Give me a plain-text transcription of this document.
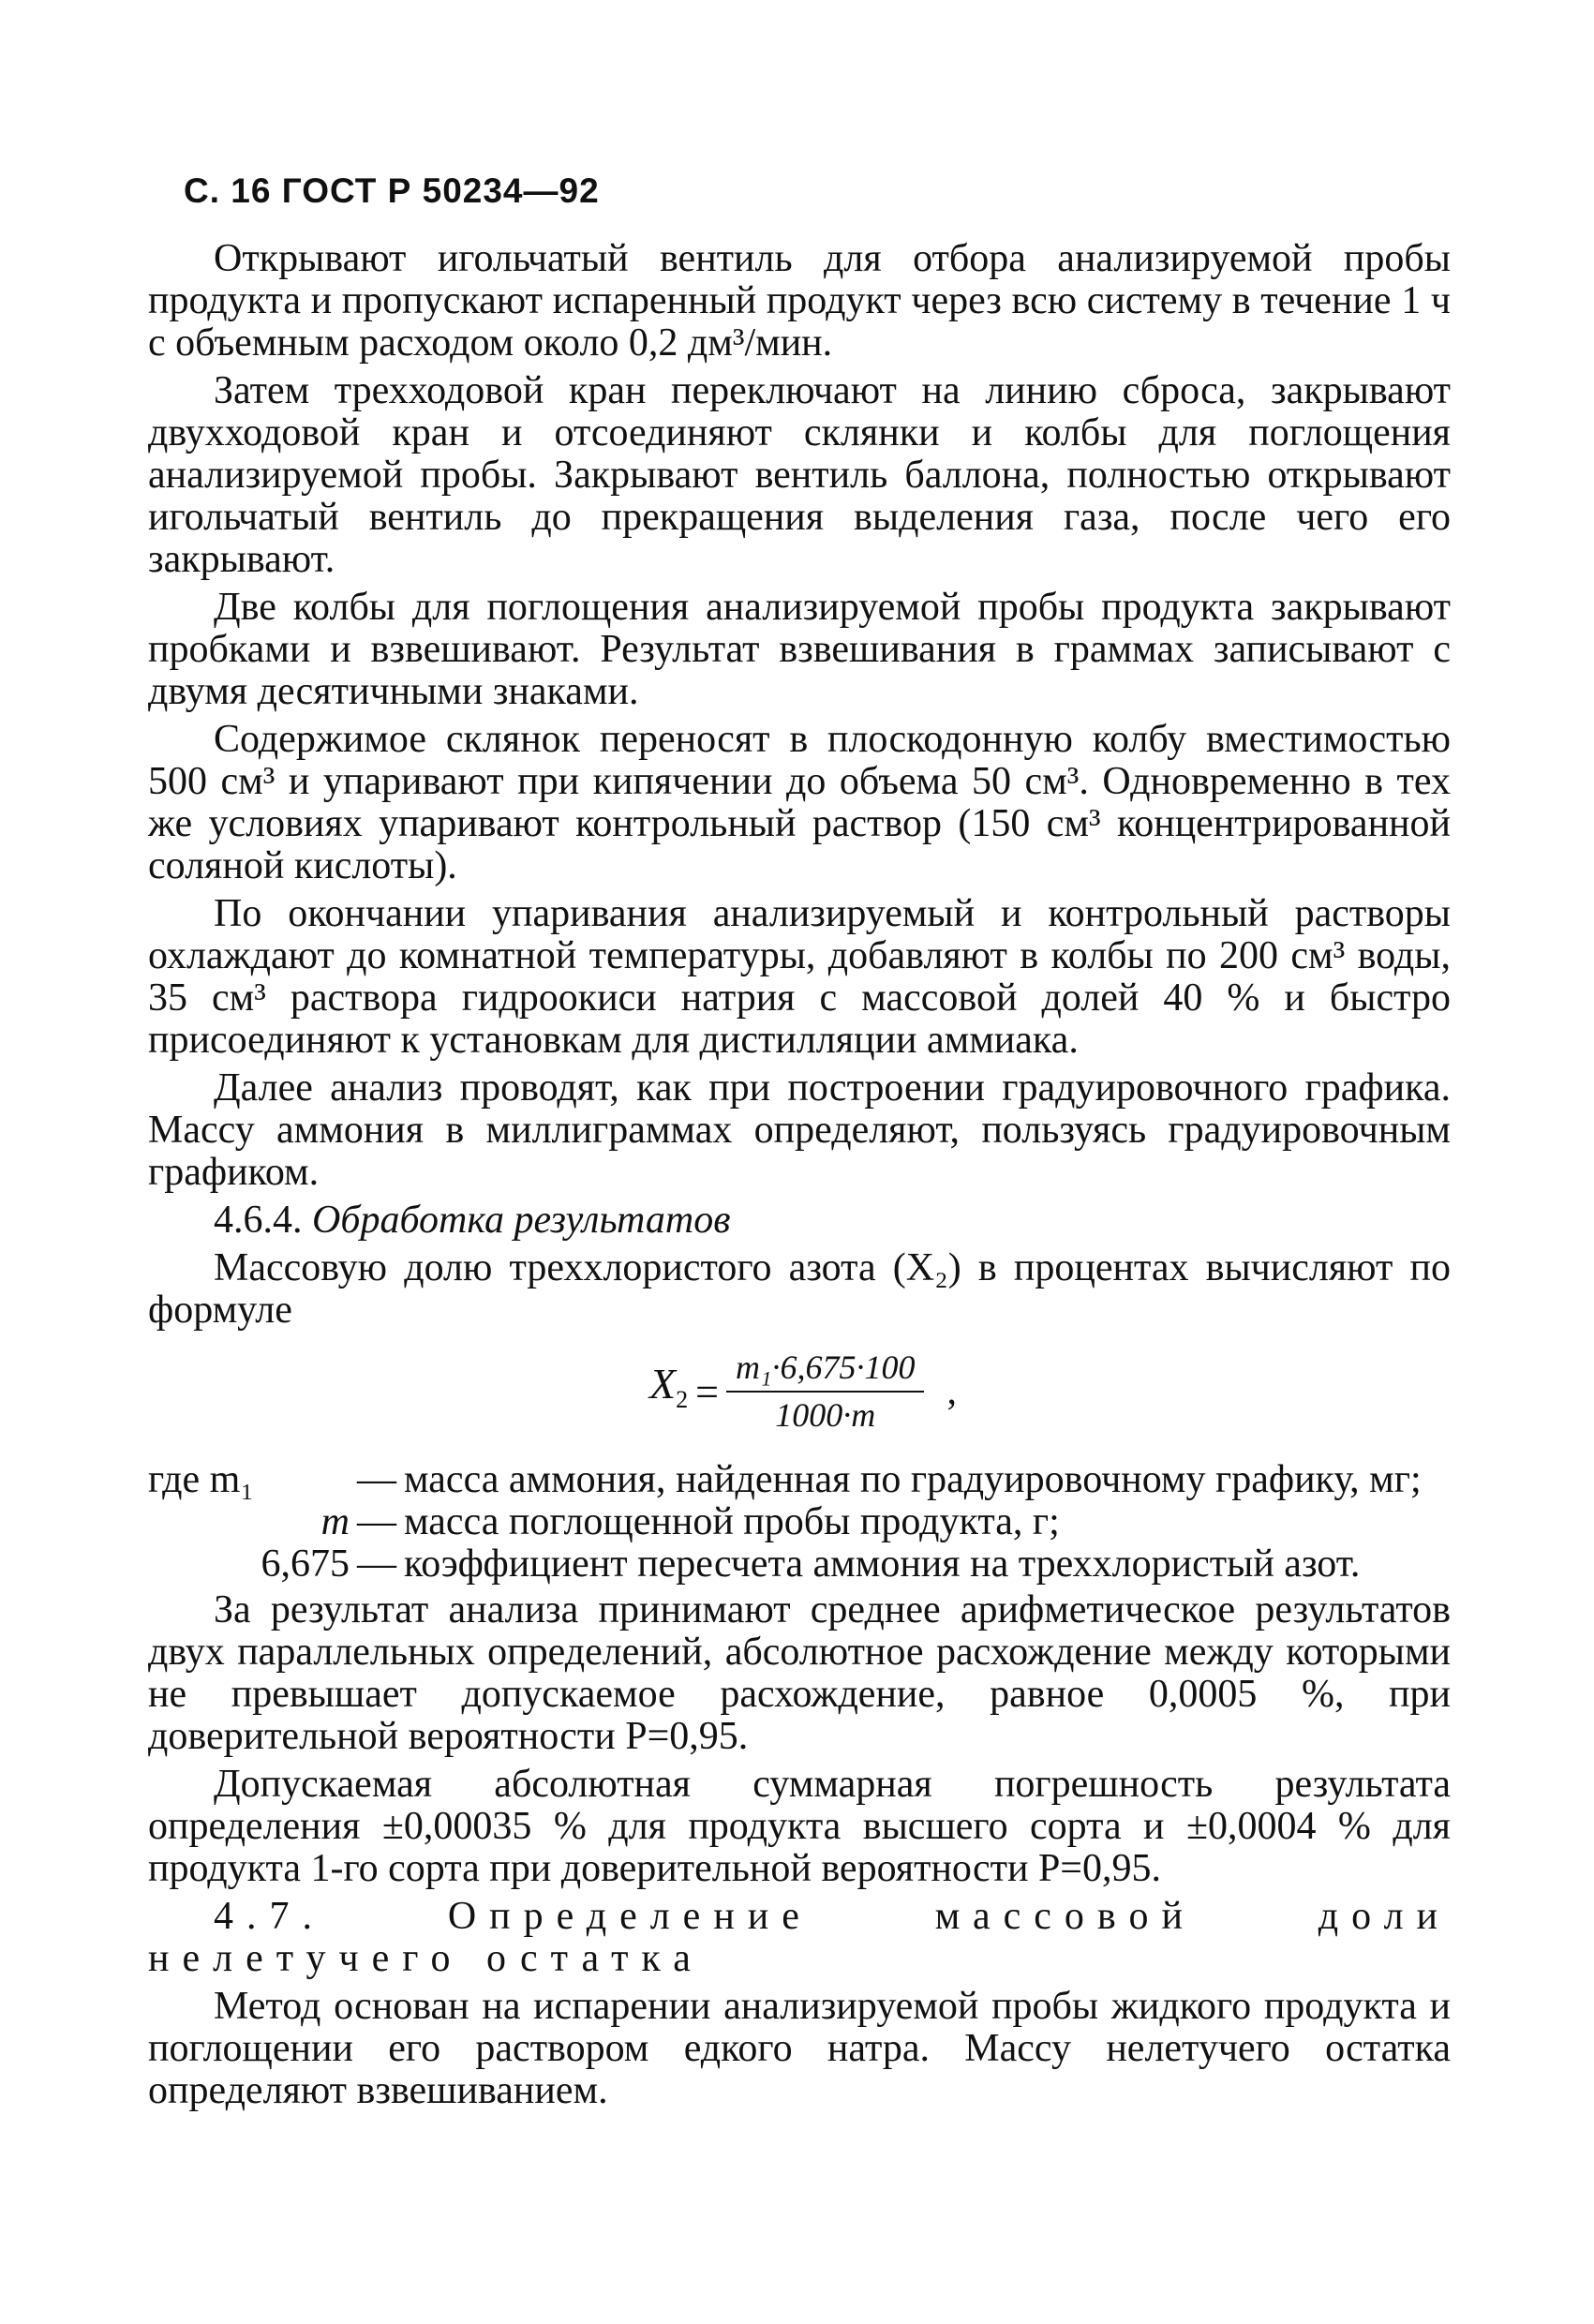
С. 16 ГОСТ Р 50234—92

Открывают игольчатый вентиль для отбора анализируемой пробы продукта и пропускают испаренный продукт через всю систему в течение 1 ч с объемным расходом около 0,2 дм³/мин.

Затем трехходовой кран переключают на линию сброса, закрывают двухходовой кран и отсоединяют склянки и колбы для поглощения анализируемой пробы. Закрывают вентиль баллона, полностью открывают игольчатый вентиль до прекращения выделения газа, после чего его закрывают.

Две колбы для поглощения анализируемой пробы продукта закрывают пробками и взвешивают. Результат взвешивания в граммах записывают с двумя десятичными знаками.

Содержимое склянок переносят в плоскодонную колбу вместимостью 500 см³ и упаривают при кипячении до объема 50 см³. Одновременно в тех же условиях упаривают контрольный раствор (150 см³ концентрированной соляной кислоты).

По окончании упаривания анализируемый и контрольный растворы охлаждают до комнатной температуры, добавляют в колбы по 200 см³ воды, 35 см³ раствора гидроокиси натрия с массовой долей 40 % и быстро присоединяют к установкам для дистилляции аммиака.

Далее анализ проводят, как при построении градуировочного графика. Массу аммония в миллиграммах определяют, пользуясь градуировочным графиком.

4.6.4. Обработка результатов

Массовую долю треххлористого азота (X₂) в процентах вычисляют по формуле

$X_2 = \frac{\text{m₁·6,675·100}}{1000\cdot m}$ ,
где m₁	— масса аммония, найденная по градуировочному графику, мг;
m — масса поглощенной пробы продукта, г;
6,675 — коэффициент пересчета аммония на треххлористый азот.

За результат анализа принимают среднее арифметическое результатов двух параллельных определений, абсолютное расхождение между которыми не превышает допускаемое расхождение, равное 0,0005 %, при доверительной вероятности P=0,95.

Допускаемая абсолютная суммарная погрешность результата определения ±0,00035 % для продукта высшего сорта и ±0,0004 % для продукта 1-го сорта при доверительной вероятности P=0,95.

4.7.	Определение массовой доли нелетучего остатка

Метод основан на испарении анализируемой пробы жидкого продукта и поглощении его раствором едкого натра. Массу нелетучего остатка определяют взвешиванием.
